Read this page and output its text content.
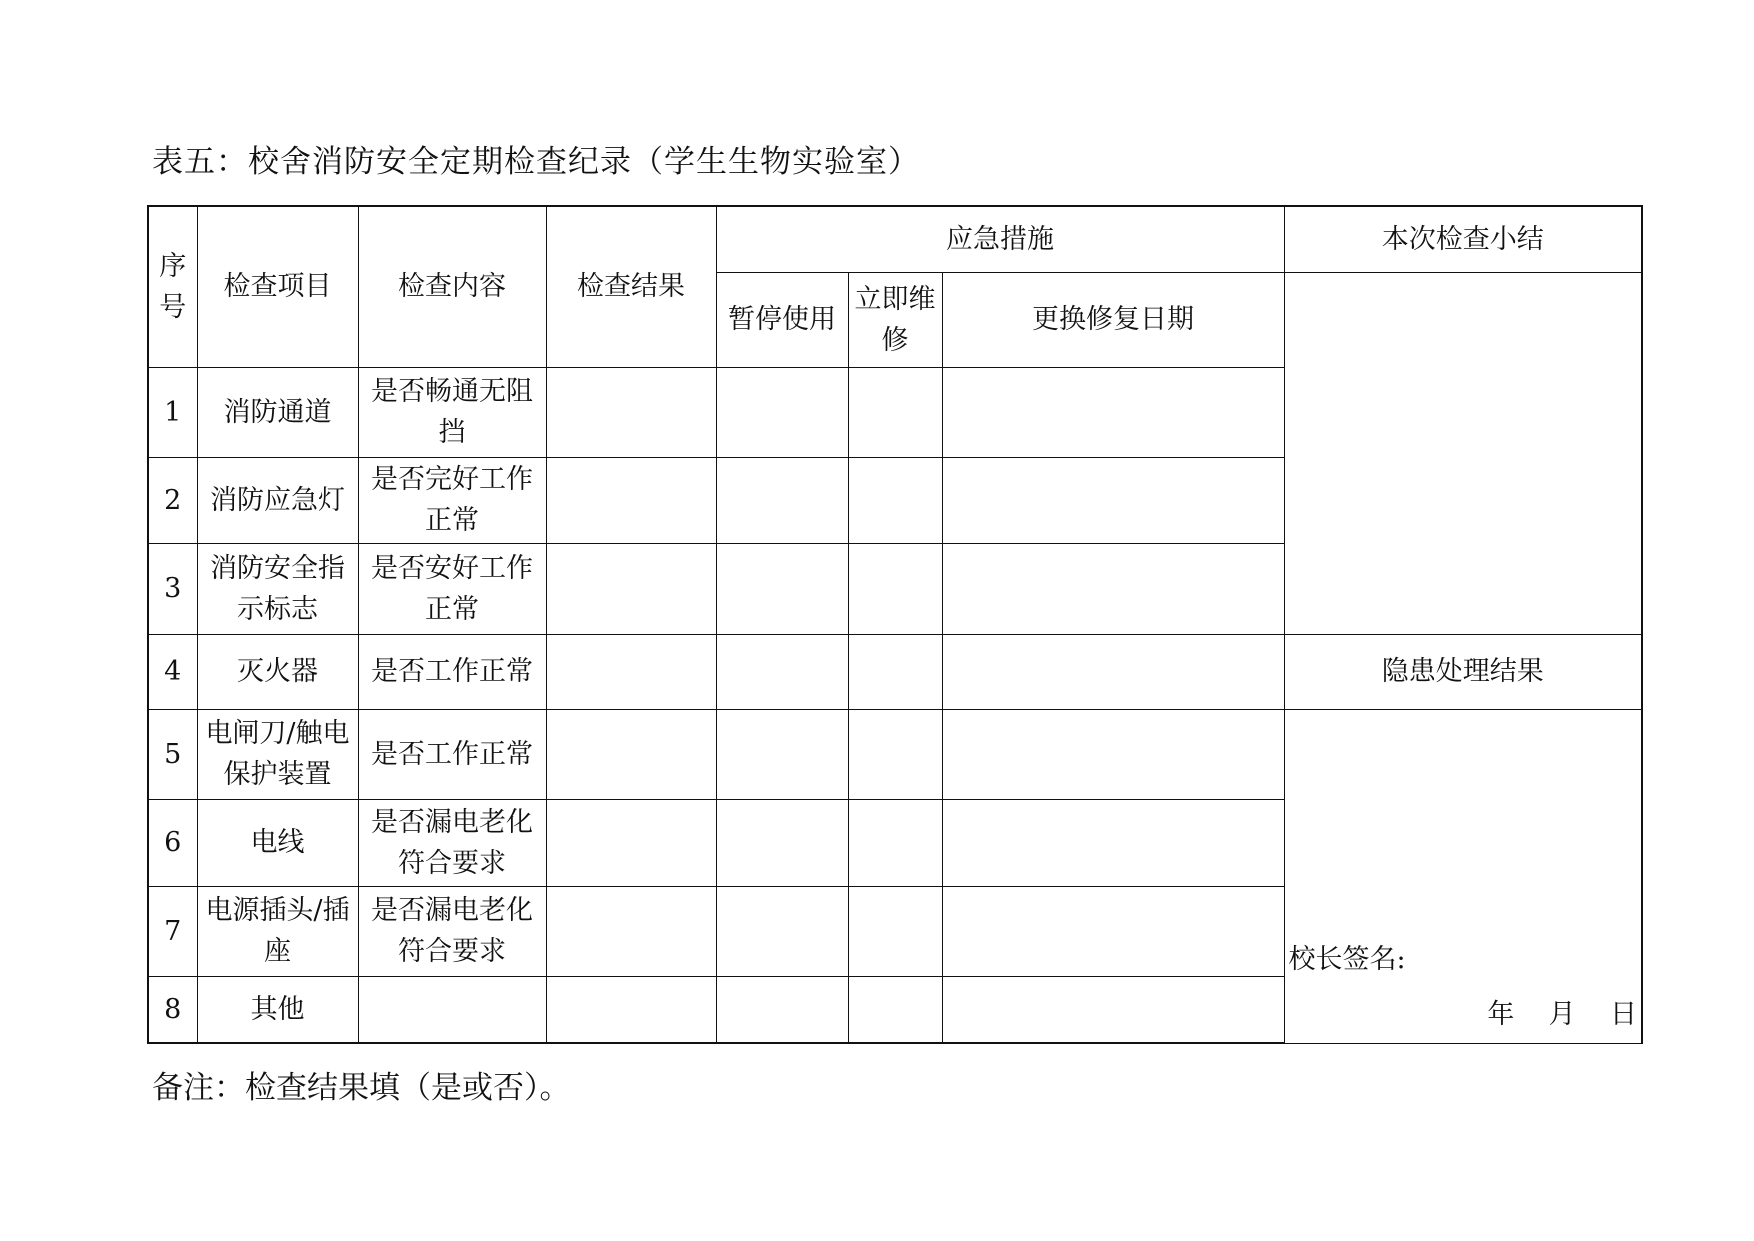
表五：校舍消防安全定期检查纪录（学生生物实验室）
序号	检查项目	检查内容	检查结果	应急措施			本次检查小结
				暂停使用	立即维修	更换修复日期	
1	消防通道	是否畅通无阻挡					
2	消防应急灯	是否完好工作正常					
3	消防安全指示标志	是否安好工作正常					
4	灭火器	是否工作正常					隐患处理结果
5	电闸刀/触电保护装置	是否工作正常					校长签名:
年    月    日

6	电线	是否漏电老化符合要求					
7	电源插头/插座	是否漏电老化符合要求					
8	其他						
备注：检查结果填（是或否）。
